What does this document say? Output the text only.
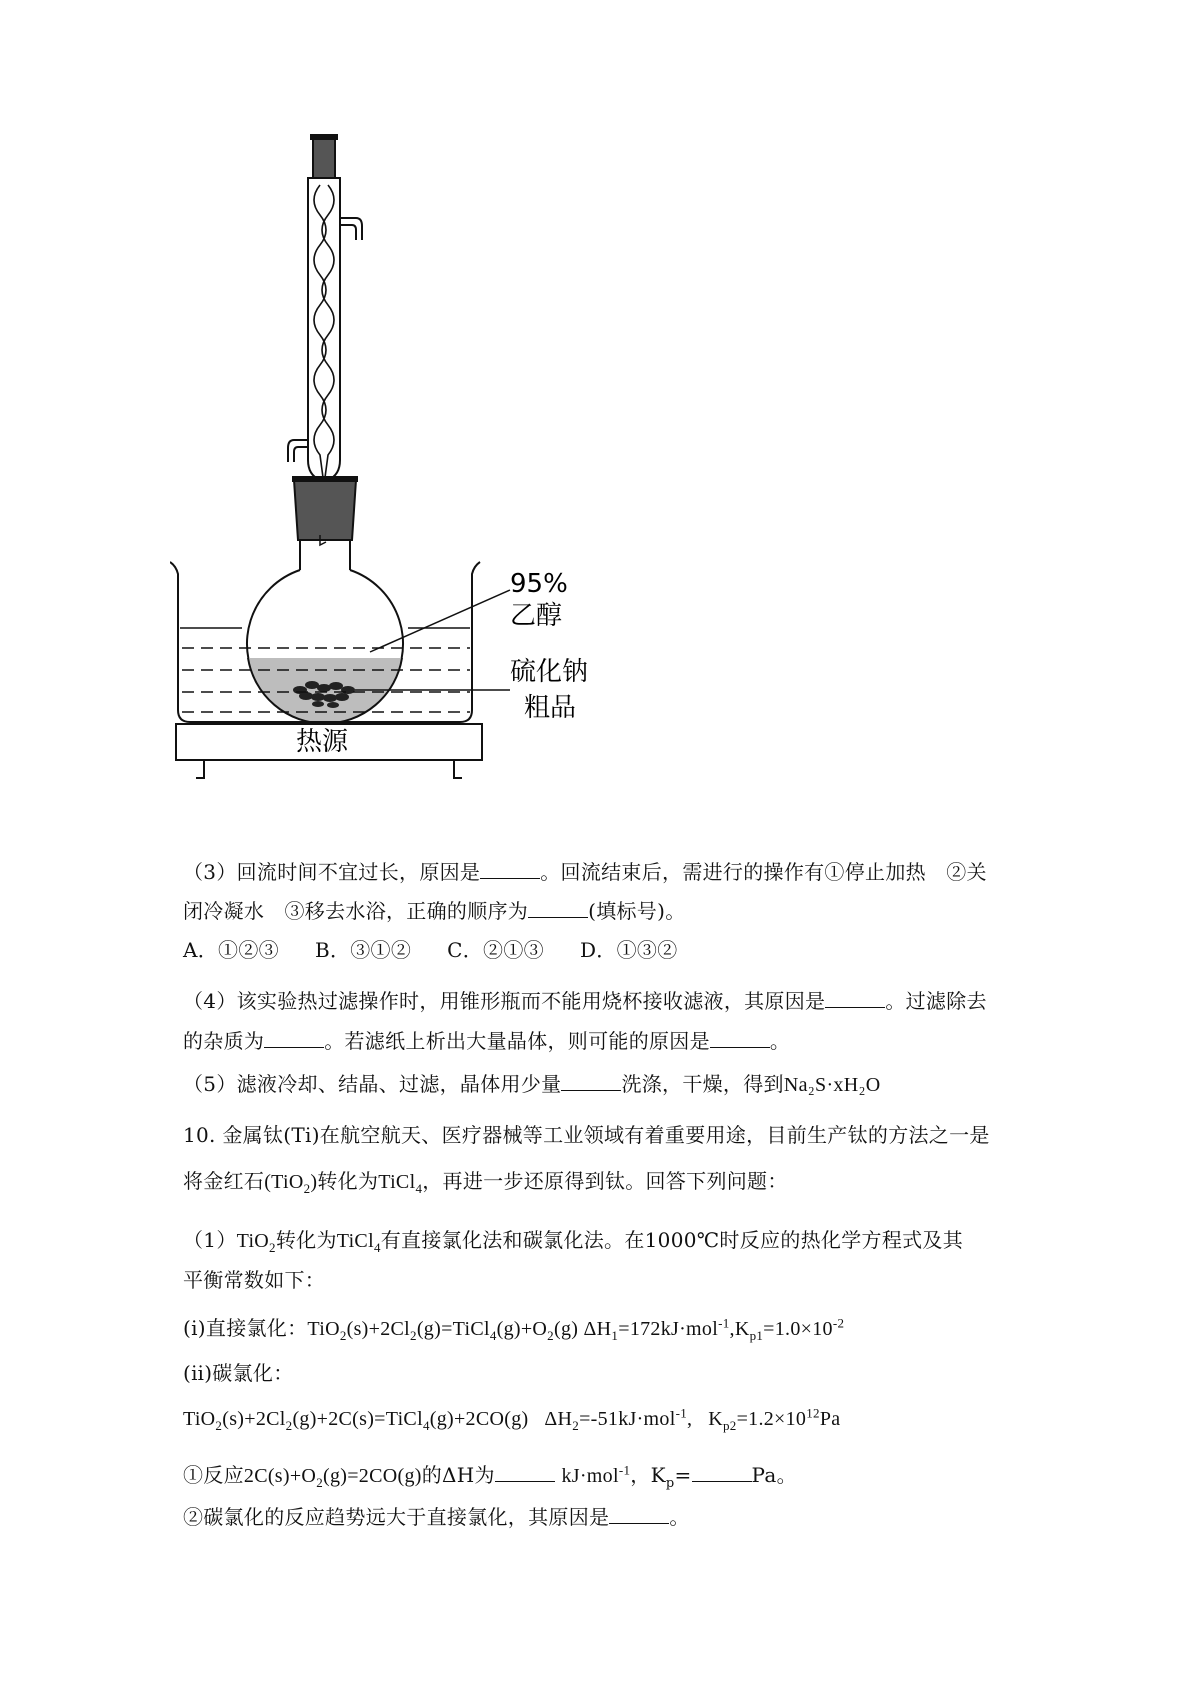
95%
乙醇
硫化钠
粗品
热源
（3）回流时间不宜过长，原因是	。回流结束后，需进行的操作有①停止加热　②关
闭冷凝水　③移去水浴，正确的顺序为	(填标号)。
A．①②③ B．③①② C．②①③ D．①③②
（4）该实验热过滤操作时，用锥形瓶而不能用烧杯接收滤液，其原因是	。过滤除去
的杂质为	。若滤纸上析出大量晶体，则可能的原因是	。
（5）滤液冷却、结晶、过滤，晶体用少量	洗涤，干燥，得到Na₂S·xH₂O
10. 金属钛(Ti)在航空航天、医疗器械等工业领域有着重要用途，目前生产钛的方法之一是
将金红石(TiO$_2$)转化为TiCl$_4$，再进一步还原得到钛。回答下列问题：
（1）TiO$_2$转化为TiCl$_4$有直接氯化法和碳氯化法。在1000℃时反应的热化学方程式及其
平衡常数如下：
(ⅰ)直接氯化：$TiO_2(s)+2Cl_2(g)=TiCl_4(g)+O_2(g)$ $\Delta H_1=172kJ\cdot mol^{-1},K_{p1}=1.0\times 10^{-2}$
(ⅱ)碳氯化：
$TiO_2(s)+2Cl_2(g)+2C(s)=TiCl_4(g)+2CO(g)$   $\Delta H_2=-51kJ\cdot mol^{-1}$,   $K_{p2}=1.2\times 10^{12}Pa$
①反应$2C(s)+O_2(g)=2CO(g)$的ΔH为	kJ·mol$^{-1}$，$K_p=$	Pa。
②碳氯化的反应趋势远大于直接氯化，其原因是	。
